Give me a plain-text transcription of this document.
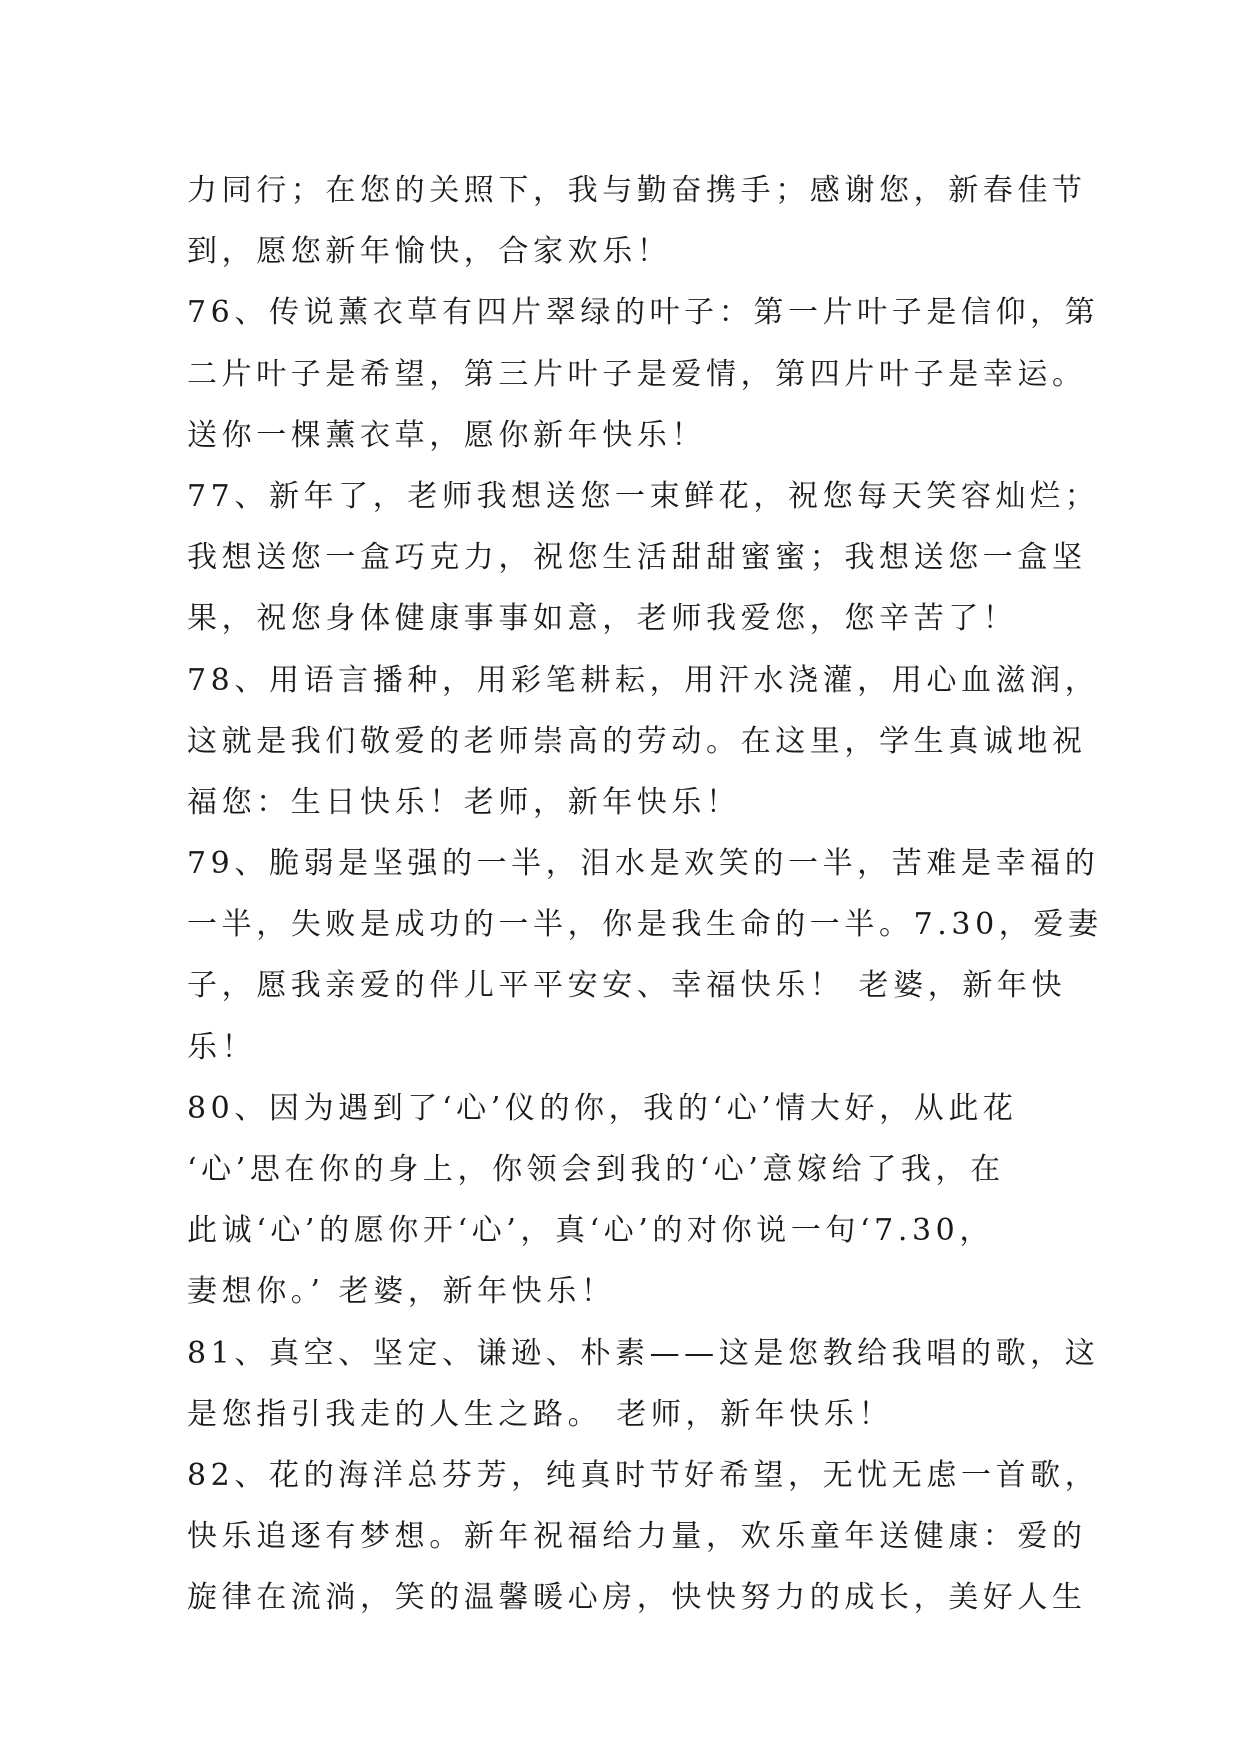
力同行；在您的关照下，我与勤奋携手；感谢您，新春佳节
到，愿您新年愉快，合家欢乐！
76、传说薰衣草有四片翠绿的叶子：第一片叶子是信仰，第
二片叶子是希望，第三片叶子是爱情，第四片叶子是幸运。
送你一棵薰衣草，愿你新年快乐！
77、新年了，老师我想送您一束鲜花，祝您每天笑容灿烂；
我想送您一盒巧克力，祝您生活甜甜蜜蜜；我想送您一盒坚
果，祝您身体健康事事如意，老师我爱您，您辛苦了！
78、用语言播种，用彩笔耕耘，用汗水浇灌，用心血滋润，
这就是我们敬爱的老师崇高的劳动。在这里，学生真诚地祝
福您：生日快乐！老师，新年快乐！
79、脆弱是坚强的一半，泪水是欢笑的一半，苦难是幸福的
一半，失败是成功的一半，你是我生命的一半。7.30，爱妻
子，愿我亲爱的伴儿平平安安、幸福快乐！ 老婆，新年快
乐！
80、因为遇到了‘心’仪的你，我的‘心’情大好，从此花
‘心’思在你的身上，你领会到我的‘心’意嫁给了我，在
此诚‘心’的愿你开‘心’，真‘心’的对你说一句‘7.30，
妻想你。’ 老婆，新年快乐！
81、真空、坚定、谦逊、朴素——这是您教给我唱的歌，这
是您指引我走的人生之路。 老师，新年快乐！
82、花的海洋总芬芳，纯真时节好希望，无忧无虑一首歌，
快乐追逐有梦想。新年祝福给力量，欢乐童年送健康：爱的
旋律在流淌，笑的温馨暖心房，快快努力的成长，美好人生
